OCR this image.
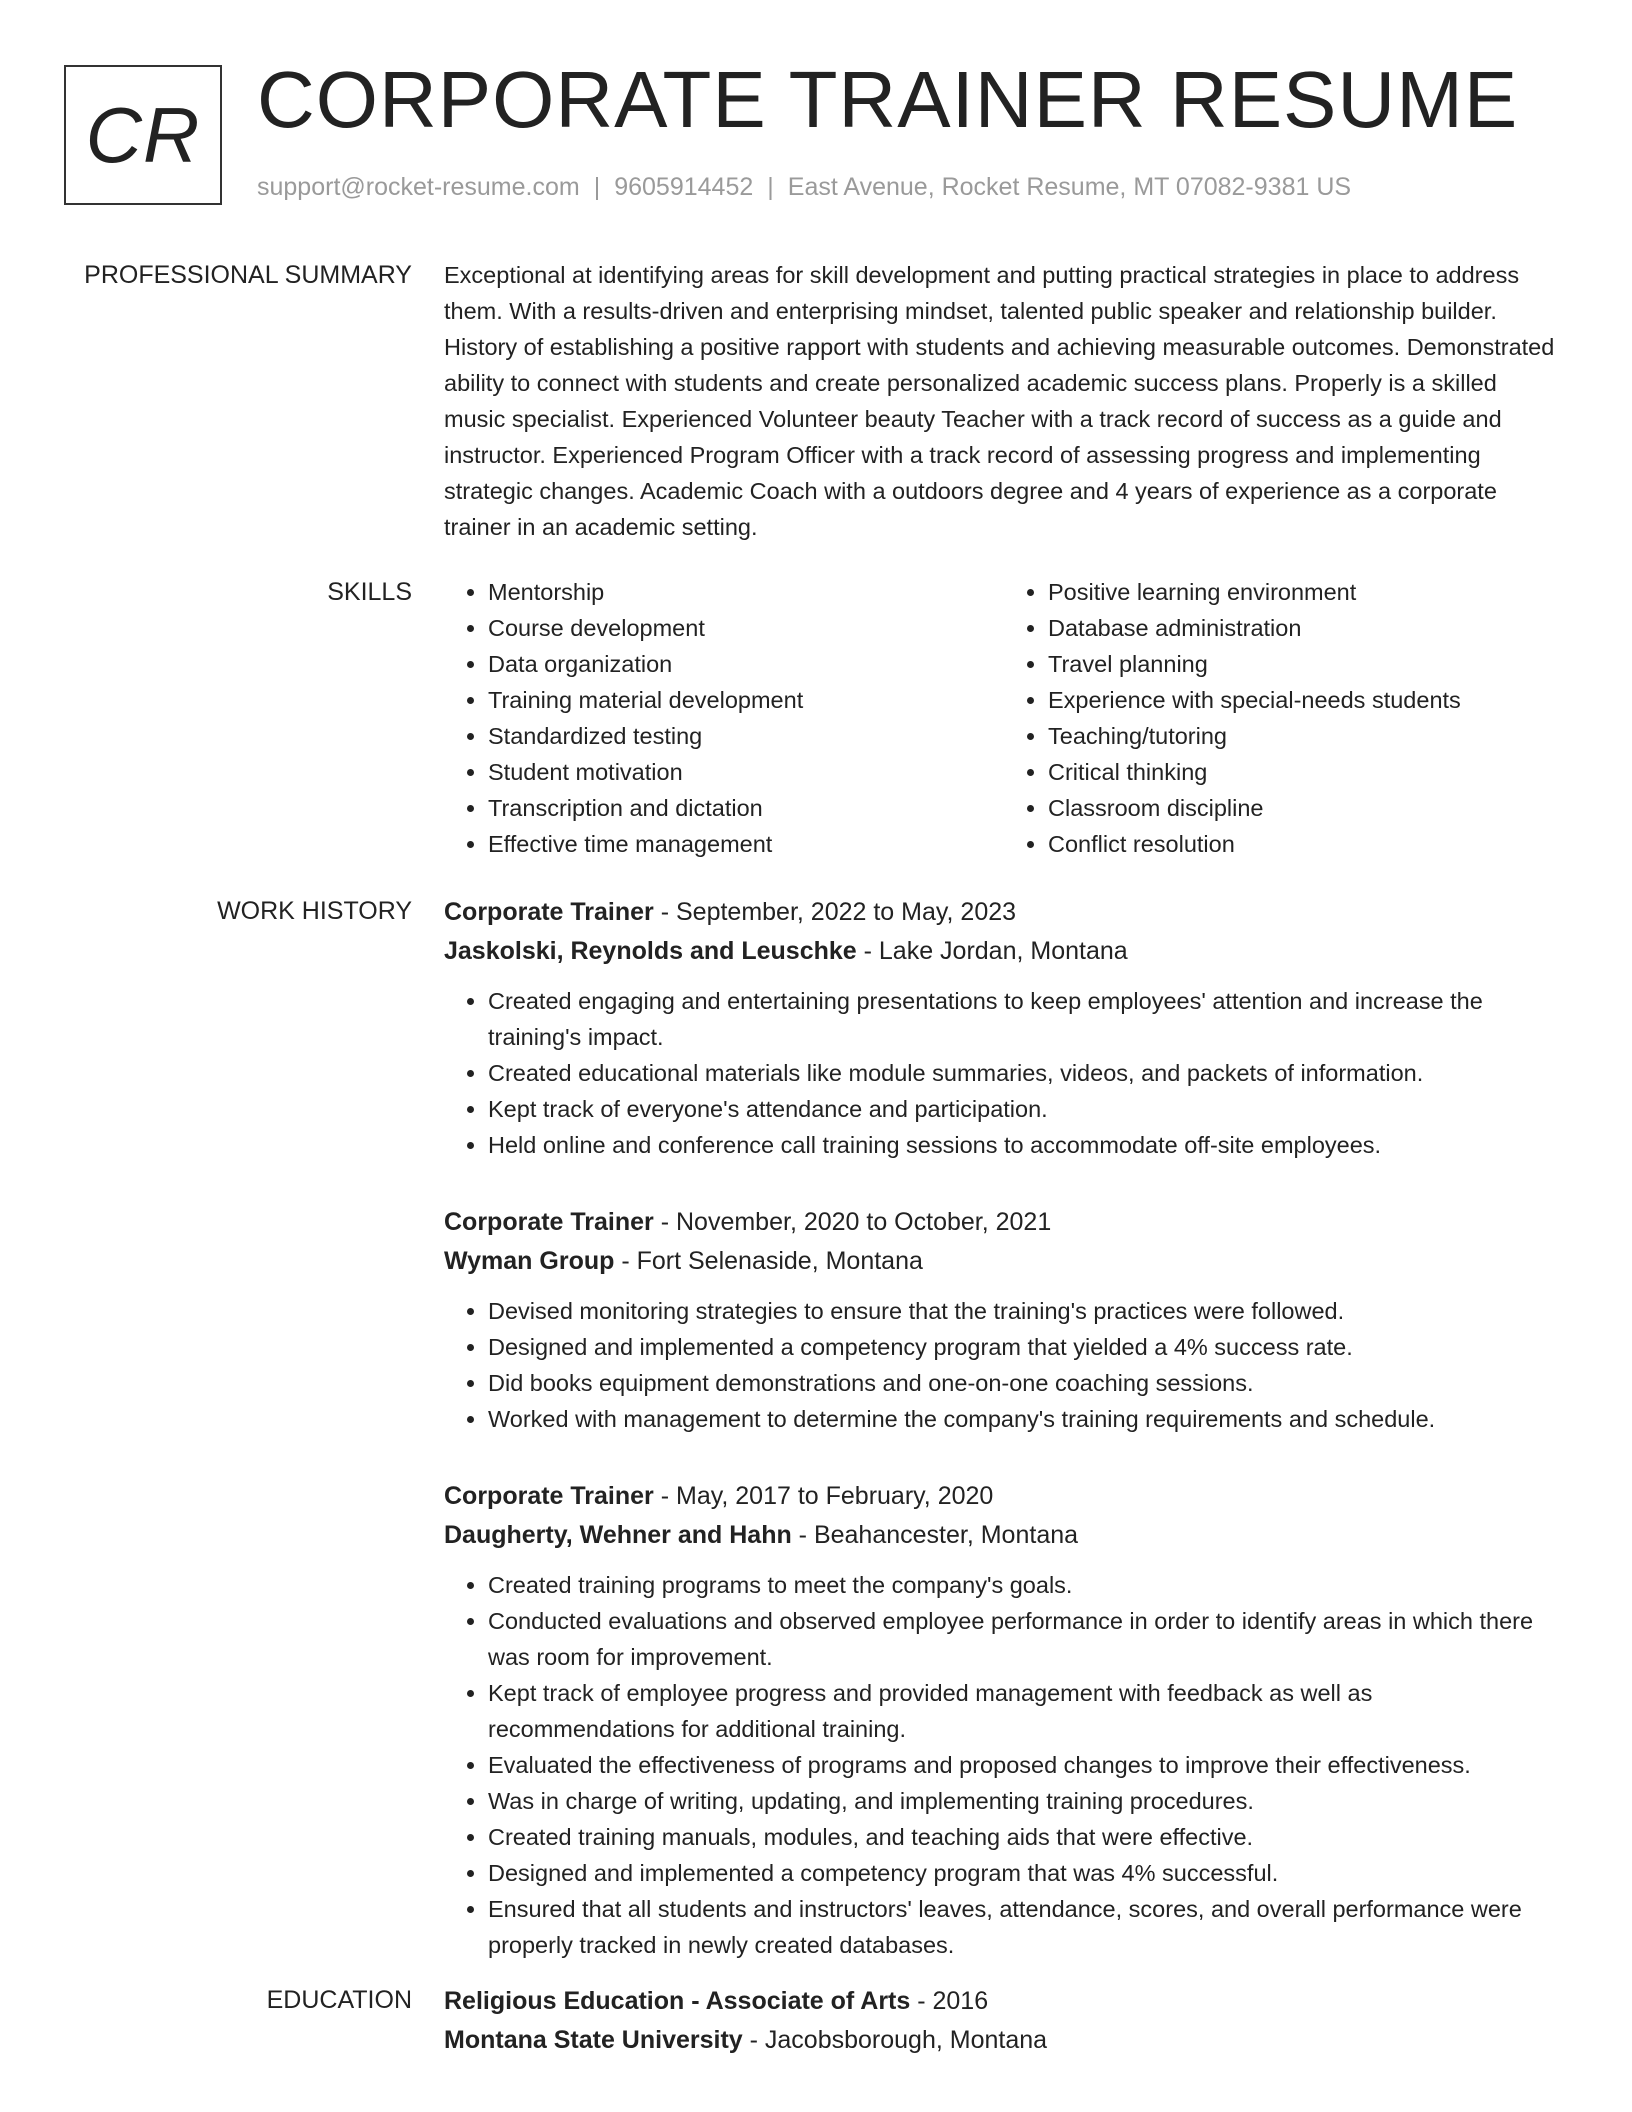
CR CORPORATE TRAINER RESUME
support@rocket-resume.com | 9605914452 | East Avenue, Rocket Resume, MT 07082-9381 US
PROFESSIONAL SUMMARY Exceptional at identifying areas for skill development and putting practical strategies in place to address them. With a results-driven and enterprising mindset, talented public speaker and relationship builder. History of establishing a positive rapport with students and achieving measurable outcomes. Demonstrated ability to connect with students and create personalized academic success plans. Properly is a skilled music specialist. Experienced Volunteer beauty Teacher with a track record of success as a guide and instructor. Experienced Program Officer with a track record of assessing progress and implementing strategic changes. Academic Coach with a outdoors degree and 4 years of experience as a corporate trainer in an academic setting.

SKILLS
•	Mentorship
• Course development
• Data organization
• Training material development
• Standardized testing
• Student motivation
• Transcription and dictation
• Effective time management
• Positive learning environment
• Database administration
• Travel planning
• Experience with special-needs students
• Teaching/tutoring
• Critical thinking
• Classroom discipline
• Conflict resolution
WORK HISTORY Corporate Trainer - September, 2022 to May, 2023
Jaskolski, Reynolds and Leuschke - Lake Jordan, Montana
• Created engaging and entertaining presentations to keep employees' attention and increase the training's impact.
• Created educational materials like module summaries, videos, and packets of information.
• Kept track of everyone's attendance and participation.
• Held online and conference call training sessions to accommodate off-site employees.
Corporate Trainer - November, 2020 to October, 2021
Wyman Group - Fort Selenaside, Montana
• Devised monitoring strategies to ensure that the training's practices were followed.
• Designed and implemented a competency program that yielded a 4% success rate.
• Did books equipment demonstrations and one-on-one coaching sessions.
• Worked with management to determine the company's training requirements and schedule.
Corporate Trainer - May, 2017 to February, 2020
Daugherty, Wehner and Hahn - Beahancester, Montana
• Created training programs to meet the company's goals.
• Conducted evaluations and observed employee performance in order to identify areas in which there was room for improvement.
• Kept track of employee progress and provided management with feedback as well as recommendations for additional training.
• Evaluated the effectiveness of programs and proposed changes to improve their effectiveness.
• Was in charge of writing, updating, and implementing training procedures.
• Created training manuals, modules, and teaching aids that were effective.
• Designed and implemented a competency program that was 4% successful.
• Ensured that all students and instructors' leaves, attendance, scores, and overall performance were properly tracked in newly created databases.
EDUCATION Religious Education - Associate of Arts - 2016
Montana State University - Jacobsborough, Montana
